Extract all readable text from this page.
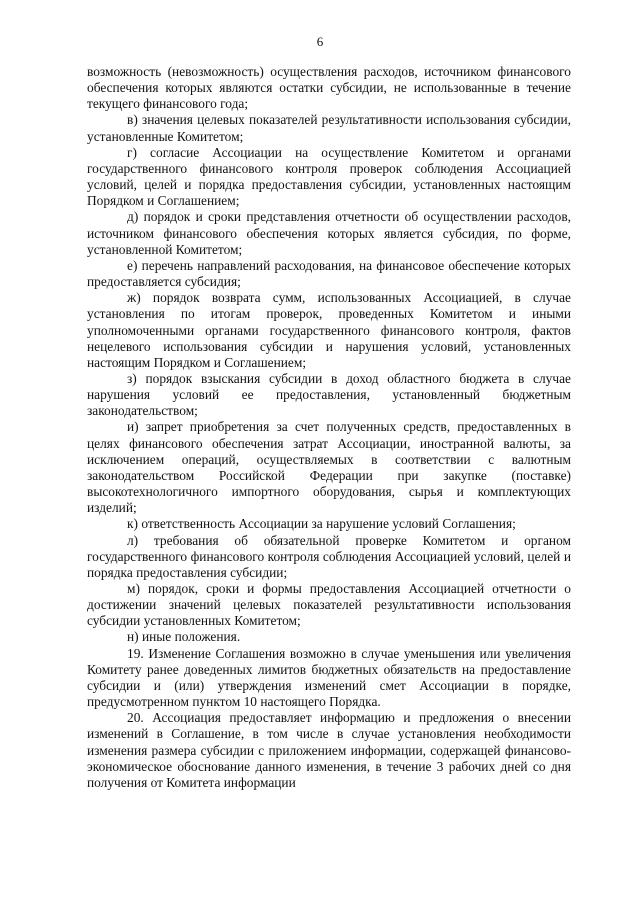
6

возможность (невозможность) осуществления расходов, источником финансового обеспечения которых являются остатки субсидии, не использованные в течение текущего финансового года;

в) значения целевых показателей результативности использования субсидии, установленные Комитетом;

г) согласие Ассоциации на осуществление Комитетом и органами государственного финансового контроля проверок соблюдения Ассоциацией условий, целей и порядка предоставления субсидии, установленных настоящим Порядком и Соглашением;

д) порядок и сроки представления отчетности об осуществлении расходов, источником финансового обеспечения которых является субсидия, по форме, установленной Комитетом;

е) перечень направлений расходования, на финансовое обеспечение которых предоставляется субсидия;

ж) порядок возврата сумм, использованных Ассоциацией, в случае установления по итогам проверок, проведенных Комитетом и иными уполномоченными органами государственного финансового контроля, фактов нецелевого использования субсидии и нарушения условий, установленных настоящим Порядком и Соглашением;

з) порядок взыскания субсидии в доход областного бюджета в случае нарушения условий ее предоставления, установленный бюджетным законодательством;

и) запрет приобретения за счет полученных средств, предоставленных в целях финансового обеспечения затрат Ассоциации, иностранной валюты, за исключением операций, осуществляемых в соответствии с валютным законодательством Российской Федерации при закупке (поставке) высокотехнологичного импортного оборудования, сырья и комплектующих изделий;

к) ответственность Ассоциации за нарушение условий Соглашения;

л) требования об обязательной проверке Комитетом и органом государственного финансового контроля соблюдения Ассоциацией условий, целей и порядка предоставления субсидии;

м) порядок, сроки и формы предоставления Ассоциацией отчетности о достижении значений целевых показателей результативности использования субсидии установленных Комитетом;

н) иные положения.

19. Изменение Соглашения возможно в случае уменьшения или увеличения Комитету ранее доведенных лимитов бюджетных обязательств на предоставление субсидии и (или) утверждения изменений смет Ассоциации в порядке, предусмотренном пунктом 10 настоящего Порядка.

20. Ассоциация предоставляет информацию и предложения о внесении изменений в Соглашение, в том числе в случае установления необходимости изменения размера субсидии с приложением информации, содержащей финансово-экономическое обоснование данного изменения, в течение 3 рабочих дней со дня получения от Комитета информации
